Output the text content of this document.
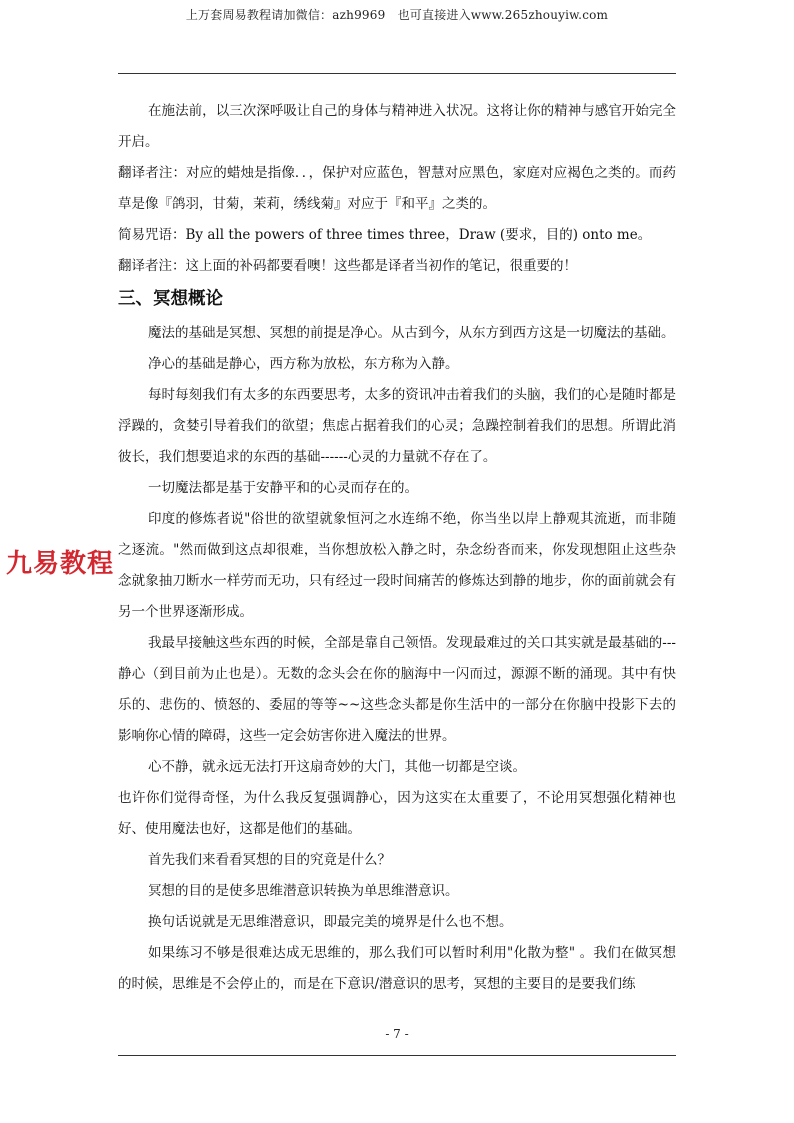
上万套周易教程请加微信：azh9969　也可直接进入www.265zhouyiw.com

在施法前，以三次深呼吸让自己的身体与精神进入状况。这将让你的精神与感官开始完全开启。

翻译者注：对应的蜡烛是指像．．，保护对应蓝色，智慧对应黑色，家庭对应褐色之类的。而药草是像『鸽羽，甘菊，茉莉，绣线菊』对应于『和平』之类的。

简易咒语：By all the powers of three times three，Draw (要求，目的) onto me。

翻译者注：这上面的补码都要看噢！这些都是译者当初作的笔记，很重要的！

三、冥想概论

魔法的基础是冥想、冥想的前提是净心。从古到今，从东方到西方这是一切魔法的基础。

净心的基础是静心，西方称为放松，东方称为入静。

每时每刻我们有太多的东西要思考，太多的资讯冲击着我们的头脑，我们的心是随时都是浮躁的，贪婪引导着我们的欲望；焦虑占据着我们的心灵；急躁控制着我们的思想。所谓此消彼长，我们想要追求的东西的基础------心灵的力量就不存在了。

一切魔法都是基于安静平和的心灵而存在的。

印度的修炼者说"俗世的欲望就象恒河之水连绵不绝，你当坐以岸上静观其流逝，而非随之逐流。"然而做到这点却很难，当你想放松入静之时，杂念纷沓而来，你发现想阻止这些杂念就象抽刀断水一样劳而无功，只有经过一段时间痛苦的修炼达到静的地步，你的面前就会有另一个世界逐渐形成。

我最早接触这些东西的时候，全部是靠自己领悟。发现最难过的关口其实就是最基础的---静心（到目前为止也是）。无数的念头会在你的脑海中一闪而过，源源不断的涌现。其中有快乐的、悲伤的、愤怒的、委屈的等等~~这些念头都是你生活中的一部分在你脑中投影下去的影响你心情的障碍，这些一定会妨害你进入魔法的世界。

心不静，就永远无法打开这扇奇妙的大门，其他一切都是空谈。

也许你们觉得奇怪，为什么我反复强调静心，因为这实在太重要了，不论用冥想强化精神也好、使用魔法也好，这都是他们的基础。

首先我们来看看冥想的目的究竟是什么？

冥想的目的是使多思维潜意识转换为单思维潜意识。

换句话说就是无思维潜意识，即最完美的境界是什么也不想。

如果练习不够是很难达成无思维的，那么我们可以暂时利用"化散为整" 。我们在做冥想的时候，思维是不会停止的，而是在下意识/潜意识的思考，冥想的主要目的是要我们练

九易教程
- 7 -
